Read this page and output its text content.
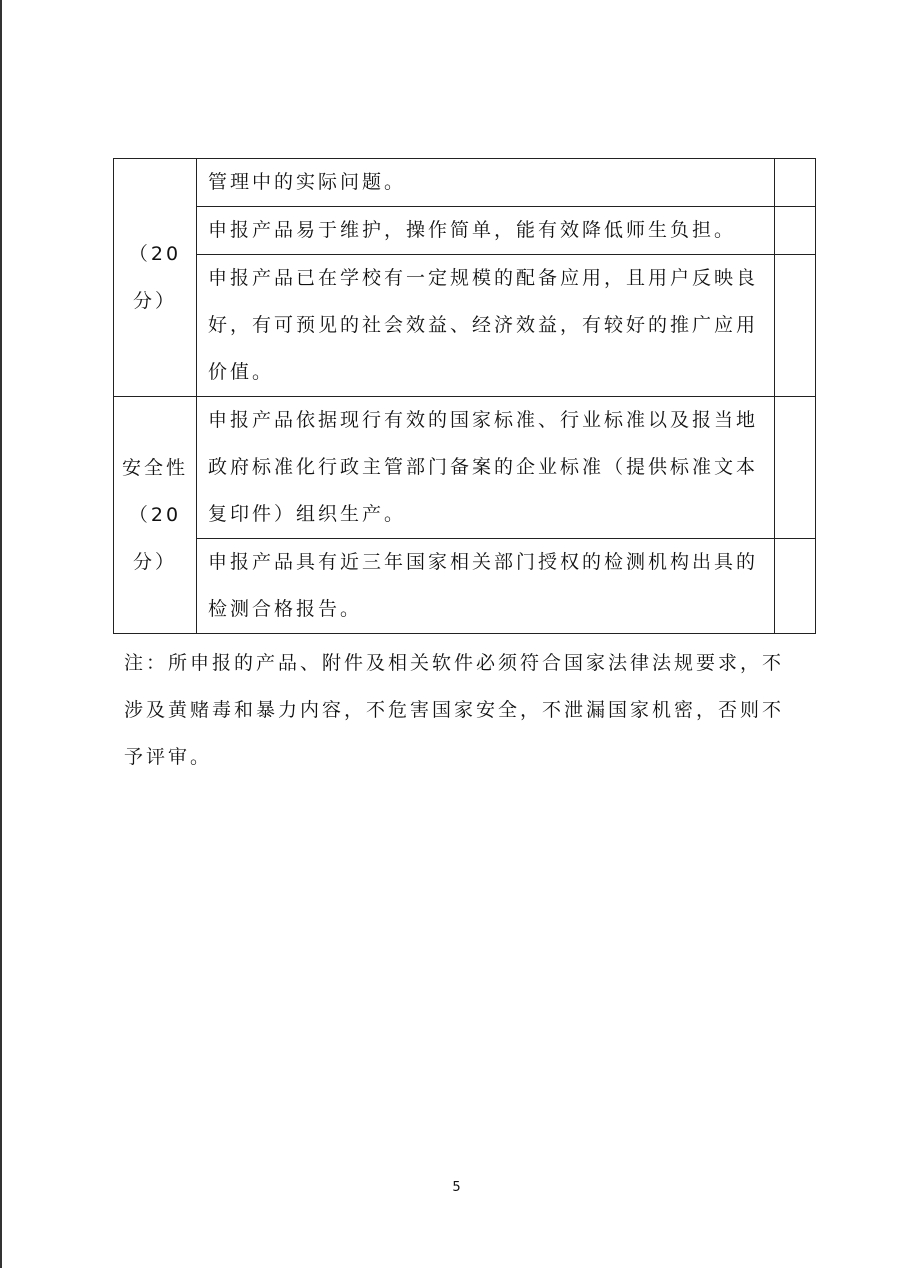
（20
分）	管理中的实际问题。	
	申报产品易于维护，操作简单，能有效降低师生负担。	
	申报产品已在学校有一定规模的配备应用，且用户反映良好，有可预见的社会效益、经济效益，有较好的推广应用价值。	

安全性
（20
分）	申报产品依据现行有效的国家标准、行业标准以及报当地政府标准化行政主管部门备案的企业标准（提供标准文本复印件）组织生产。	
	申报产品具有近三年国家相关部门授权的检测机构出具的检测合格报告。	
注：所申报的产品、附件及相关软件必须符合国家法律法规要求，不涉及黄赌毒和暴力内容，不危害国家安全，不泄漏国家机密，否则不予评审。
5
